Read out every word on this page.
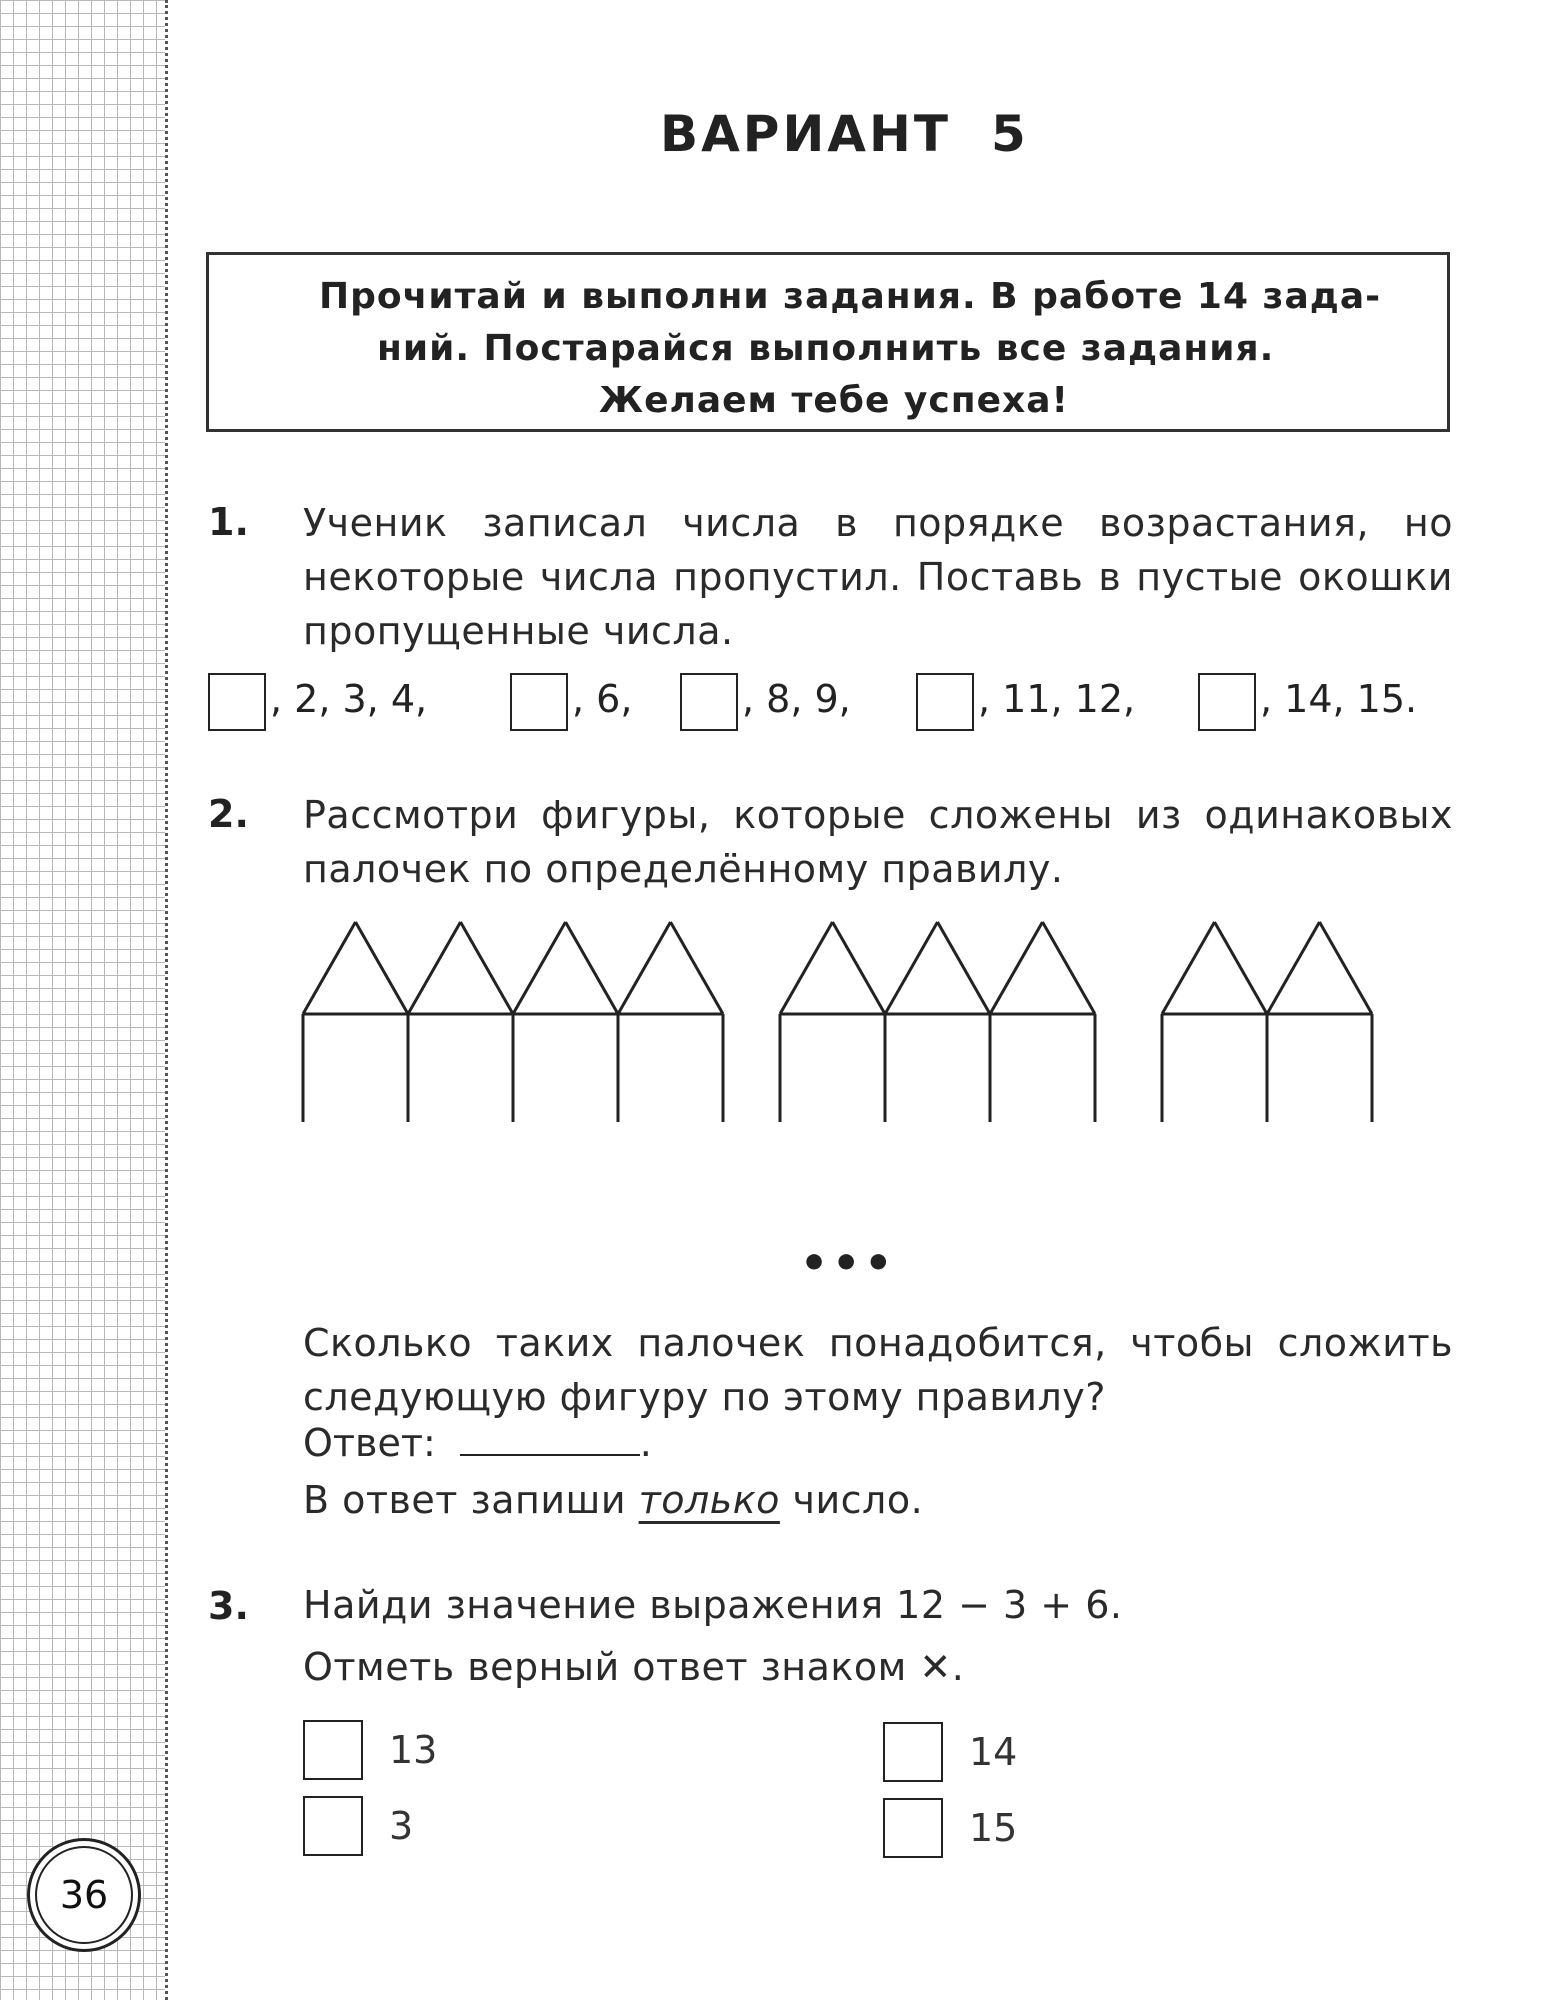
36
ВАРИАНТ 5
Прочитай и выполни задания. В работе 14 зада-
ний. Постарайся выполнить все задания.
Желаем тебе успеха!
1. Ученик записал числа в порядке возрастания, но некоторые числа пропустил. Поставь в пустые окошки пропущенные числа.
, 2, 3, 4,	, 6,	, 8, 9,	, 11, 12,	, 14, 15.
2. Рассмотри фигуры, которые сложены из одинаковых палочек по определённому правилу.
•••
Сколько таких палочек понадобится, чтобы сложить следующую фигуру по этому правилу?
Ответ:	.
В ответ запиши только число.
3. Найди значение выражения 12 − 3 + 6.
Отметь верный ответ знаком ✕.
13
3
14
15
